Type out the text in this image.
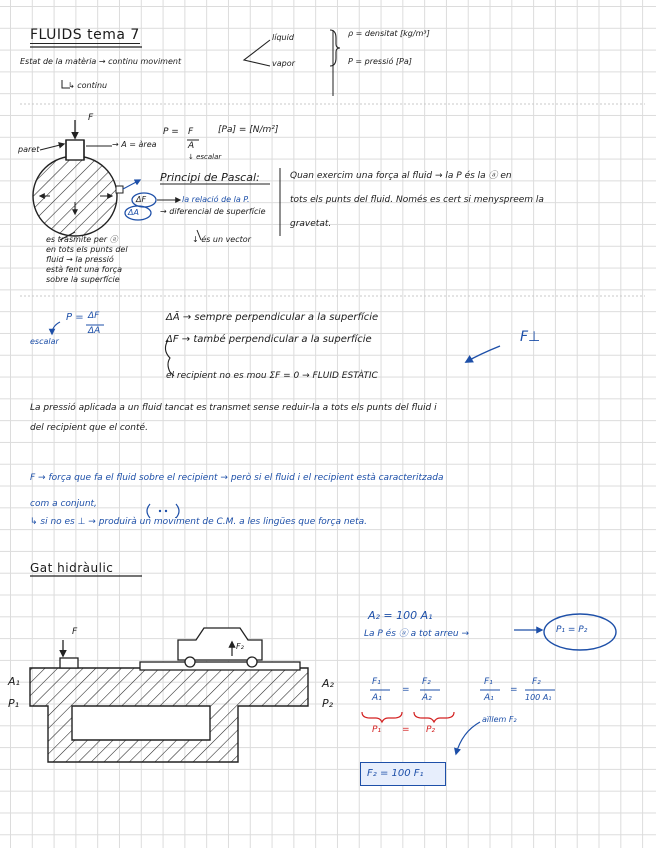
FLUIDS tema 7
Estat de la matèria → continu moviment
líquid
vapor
↳ continu
ρ = densitat [kg/m³]
P = pressió [Pa]
F
paret
→ A = àrea
P = F
A
[Pa] = [N/m²]
↓ escalar
ΔF
ΔA
la relació de la P.
→ diferencial de superfície
↓ és un vector
es trasmite per ⓐ
en tots els punts del
fluid → la pressió
està fent una força
sobre la superfície
Principi de Pascal:	Quan exercim una força al fluid → la P és la ⓐ en
tots els punts del fluid. Només es cert si menyspreem la
gravetat.
P = ΔF
ΔA
escalar
ΔĀ → sempre perpendicular a la superfície
ΔF → també perpendicular a la superfície	F⊥
el recipient no es mou ΣF = 0 → FLUID ESTÀTIC
La pressió aplicada a un fluid tancat es transmet sense reduir-la a tots els punts del fluid i
del recipient que el conté.
F → força que fa el fluid sobre el recipient → però si el fluid i el recipient està caracteritzada
com a conjunt,
↳ si no es ⊥ → produirà un moviment de C.M. a les lingües que força neta.
Gat hidràulic
F
F₂
A₁
P₁
A₂
P₂
A₂ = 100 A₁
La P és ⓐ a tot arreu →	P₁ = P₂
F₁
A₁
=
F₂
A₂
F₁
A₁
=
F₂
100 A₁
P₁ = P₂
aïllem F₂
F₂ = 100 F₁
